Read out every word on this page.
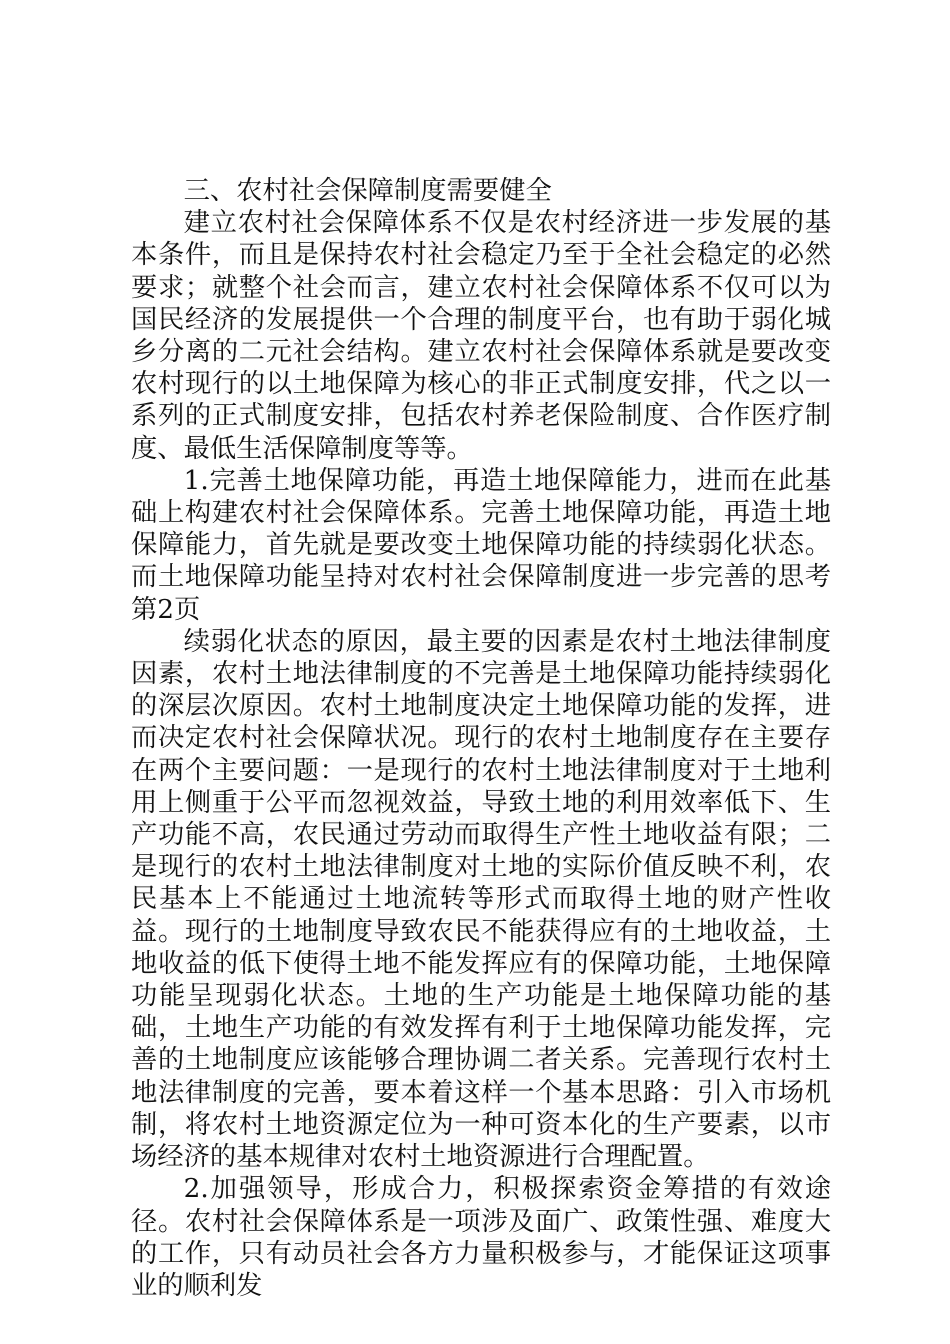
三、农村社会保障制度需要健全

建立农村社会保障体系不仅是农村经济进一步发展的基本条件，而且是保持农村社会稳定乃至于全社会稳定的必然要求；就整个社会而言，建立农村社会保障体系不仅可以为国民经济的发展提供一个合理的制度平台，也有助于弱化城乡分离的二元社会结构。建立农村社会保障体系就是要改变农村现行的以土地保障为核心的非正式制度安排，代之以一系列的正式制度安排，包括农村养老保险制度、合作医疗制度、最低生活保障制度等等。

1.完善土地保障功能，再造土地保障能力，进而在此基础上构建农村社会保障体系。完善土地保障功能，再造土地保障能力，首先就是要改变土地保障功能的持续弱化状态。而土地保障功能呈持对农村社会保障制度进一步完善的思考第2页

续弱化状态的原因，最主要的因素是农村土地法律制度因素，农村土地法律制度的不完善是土地保障功能持续弱化的深层次原因。农村土地制度决定土地保障功能的发挥，进而决定农村社会保障状况。现行的农村土地制度存在主要存在两个主要问题：一是现行的农村土地法律制度对于土地利用上侧重于公平而忽视效益，导致土地的利用效率低下、生产功能不高，农民通过劳动而取得生产性土地收益有限；二是现行的农村土地法律制度对土地的实际价值反映不利，农民基本上不能通过土地流转等形式而取得土地的财产性收益。现行的土地制度导致农民不能获得应有的土地收益，土地收益的低下使得土地不能发挥应有的保障功能，土地保障功能呈现弱化状态。土地的生产功能是土地保障功能的基础，土地生产功能的有效发挥有利于土地保障功能发挥，完善的土地制度应该能够合理协调二者关系。完善现行农村土地法律制度的完善，要本着这样一个基本思路：引入市场机制，将农村土地资源定位为一种可资本化的生产要素，以市场经济的基本规律对农村土地资源进行合理配置。

2.加强领导，形成合力，积极探索资金筹措的有效途径。农村社会保障体系是一项涉及面广、政策性强、难度大的工作，只有动员社会各方力量积极参与，才能保证这项事业的顺利发
